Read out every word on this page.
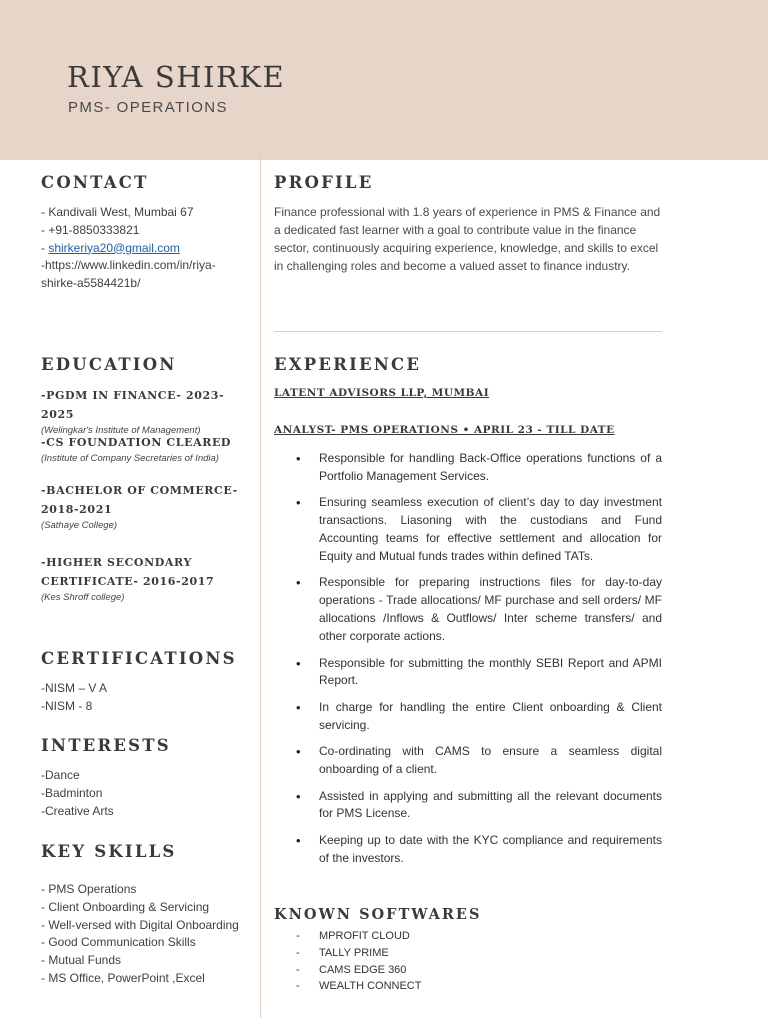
RIYA SHIRKE
PMS- OPERATIONS
CONTACT
- Kandivali West, Mumbai 67
- +91-8850333821
- shirkeriya20@gmail.com
-https://www.linkedin.com/in/riya-
shirke-a5584421b/
EDUCATION
-PGDM IN FINANCE- 2023-2025
(Welingkar's Institute of Management)
-CS FOUNDATION CLEARED
(Institute of Company Secretaries of India)
-BACHELOR OF COMMERCE- 2018-2021
(Sathaye College)
-HIGHER SECONDARY CERTIFICATE- 2016-2017
(Kes Shroff college)
CERTIFICATIONS
-NISM – V A
-NISM - 8
INTERESTS
-Dance
-Badminton
-Creative Arts
KEY SKILLS
- PMS Operations
- Client Onboarding & Servicing
- Well-versed with Digital Onboarding
- Good Communication Skills
- Mutual Funds
- MS Office, PowerPoint ,Excel
PROFILE

Finance professional with 1.8 years of experience in PMS & Finance and a dedicated fast learner with a goal to contribute value in the finance sector, continuously acquiring experience, knowledge, and skills to excel in challenging roles and become a valued asset to finance industry.

EXPERIENCE
LATENT ADVISORS LLP, MUMBAI
ANALYST- PMS OPERATIONS • APRIL 23 - TILL DATE
• Responsible for handling Back-Office operations functions of a Portfolio Management Services.
• Ensuring seamless execution of client’s day to day investment transactions. Liasoning with the custodians and Fund Accounting teams for effective settlement and allocation for Equity and Mutual funds trades within defined TATs.
• Responsible for preparing instructions files for day-to-day operations - Trade allocations/ MF purchase and sell orders/ MF allocations /Inflows & Outflows/ Inter scheme transfers/ and other corporate actions.
• Responsible for submitting the monthly SEBI Report and APMI Report.
• In charge for handling the entire Client onboarding & Client servicing.
• Co-ordinating with CAMS to ensure a seamless digital onboarding of a client.
• Assisted in applying and submitting all the relevant documents for PMS License.
• Keeping up to date with the KYC compliance and requirements of the investors.
KNOWN SOFTWARES
- MPROFIT CLOUD
- TALLY PRIME
- CAMS EDGE 360
- WEALTH CONNECT
